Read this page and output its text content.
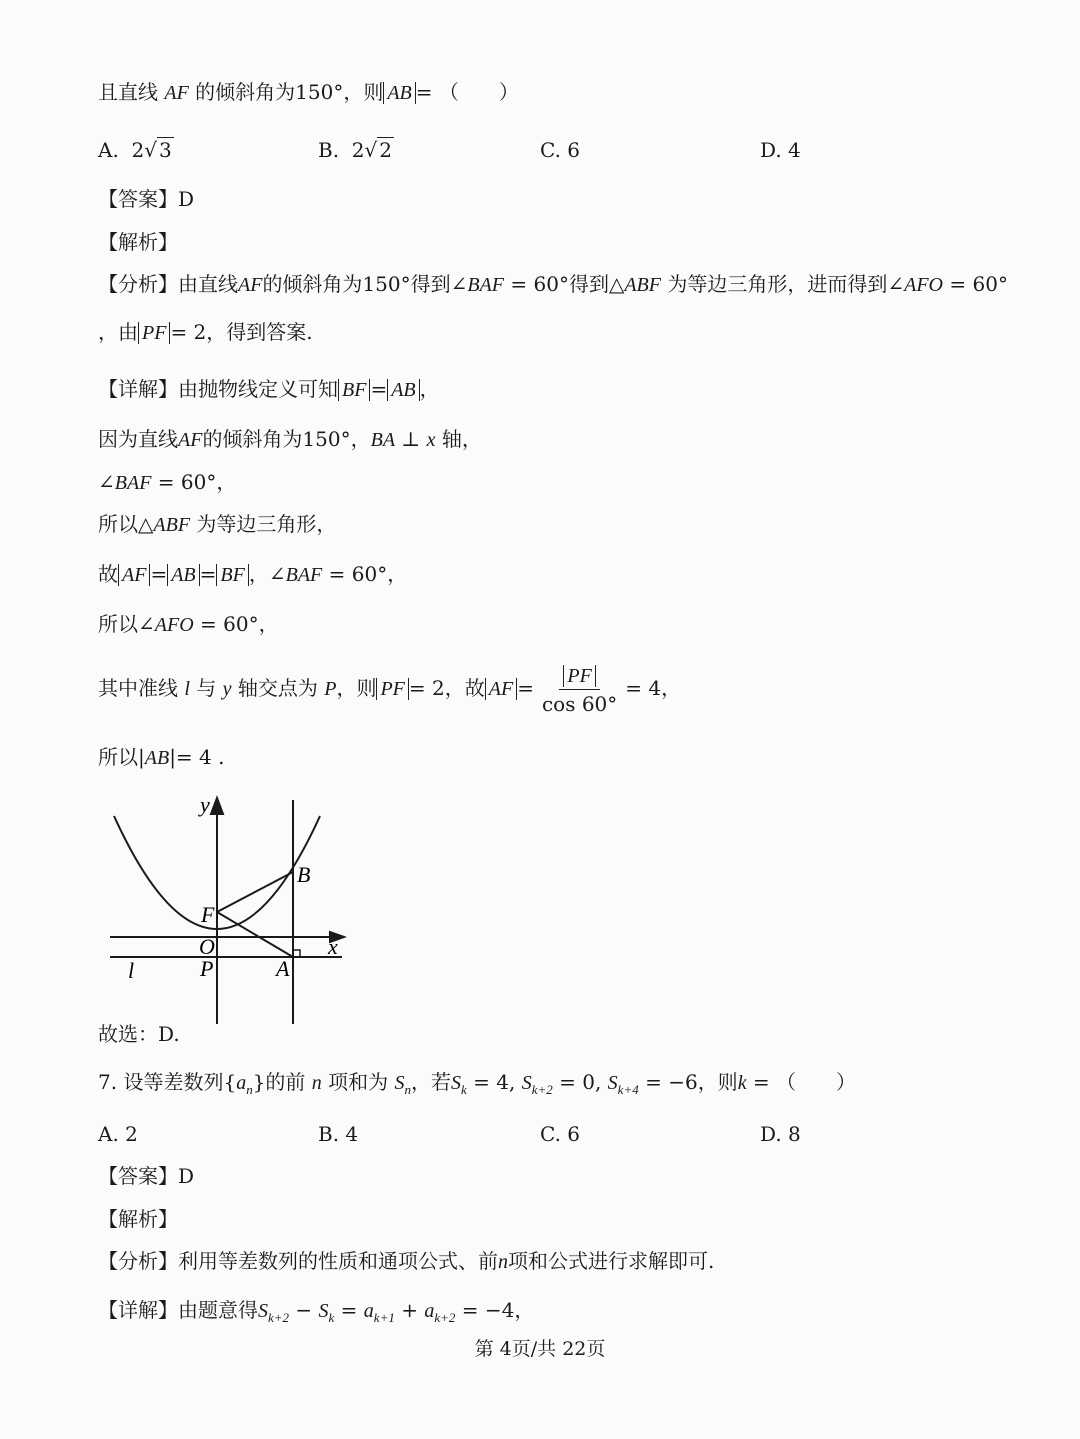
且直线 AF 的倾斜角为150°，则 AB = （　　）
A. 2√ 3	B. 2√ 2	C. 6	D. 4
【答案】D
【解析】
【分析】由直线AF的倾斜角为150°得到∠BAF = 60°得到△ABF 为等边三角形，进而得到∠AFO = 60°
，由 PF = 2，得到答案.
【详解】由抛物线定义可知 BF = AB ，
因为直线AF的倾斜角为150°，BA ⊥ x 轴，
∠BAF = 60°，
所以△ABF 为等边三角形，
故 AF = AB = BF ，∠BAF = 60°，
所以∠AFO = 60°，
其中准线 l 与 y 轴交点为 P，则 PF = 2，故 AF = $\frac{PF}{\cos 60^\circ} = 4$，
所以|AB|= 4 .
y
B
F
O	x
P	A
l
故选：D.
7. 设等差数列$\{a_n\}$的前 n 项和为 $S_n$，若$S_k = 4$, $S_{k+2} = 0$, $S_{k+4} = -6$，则k = （　　）
A. 2	B. 4	C. 6	D. 8
【答案】D
【解析】
【分析】利用等差数列的性质和通项公式、前n项和公式进行求解即可.
【详解】由题意得$S_{k+2} - S_k = a_{k+1} + a_{k+2} = -4$，
第 4页/共 22页
